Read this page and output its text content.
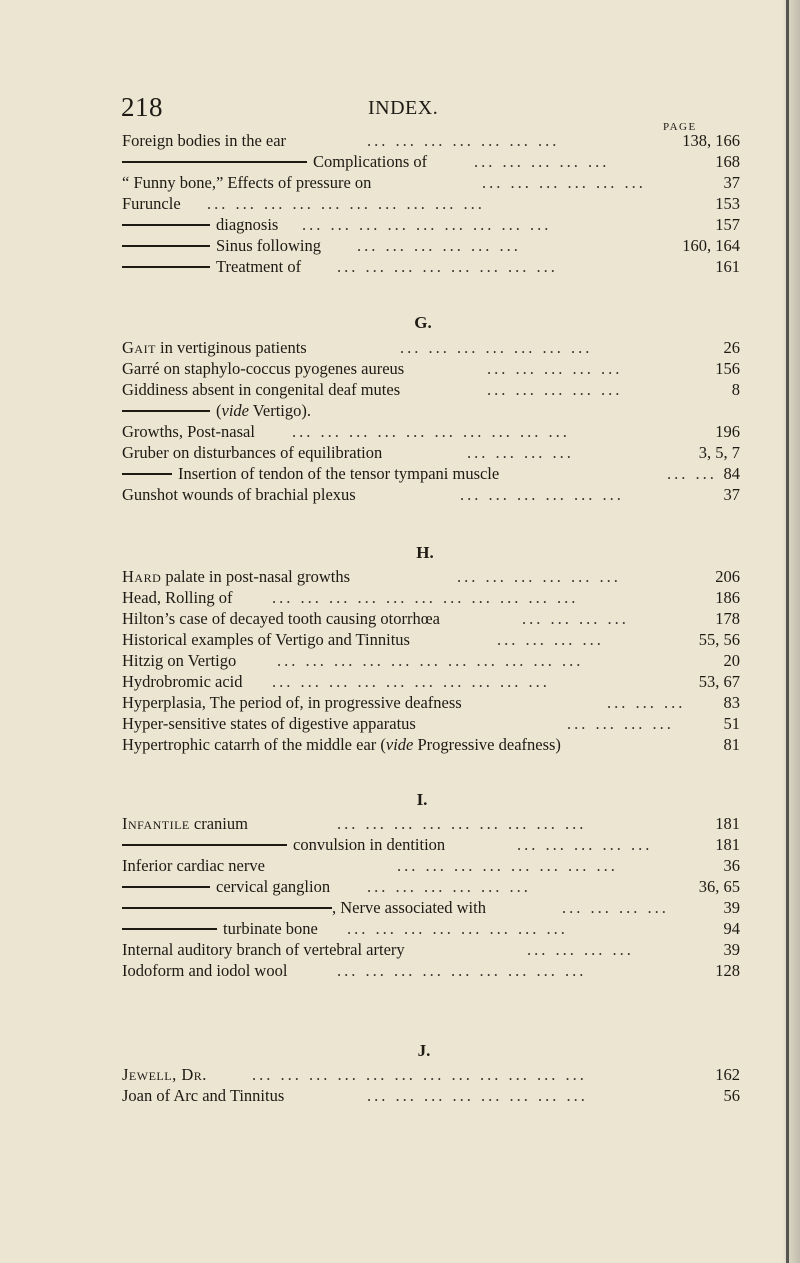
218	INDEX.
PAGE
Foreign bodies in the ear	... ... ... ... ... ... ...	138, 166
Complications of	... ... ... ... ...	168
“ Funny bone,” Effects of pressure on	... ... ... ... ... ...	37
Furuncle ... ... ... ... ... ... ... ... ... ...	153
diagnosis ... ... ... ... ... ... ... ... ...	157
Sinus following ... ... ... ... ... ...	160, 164
Treatment of ... ... ... ... ... ... ... ...	161
G.
Gait in vertiginous patients	... ... ... ... ... ... ...	26
Garré on staphylo-coccus pyogenes aureus	... ... ... ... ...	156
Giddiness absent in congenital deaf mutes	... ... ... ... ...	8
(vide Vertigo).
Growths, Post-nasal ... ... ... ... ... ... ... ... ... ...	196
Gruber on disturbances of equilibration	... ... ... ...	3, 5, 7
Insertion of tendon of the tensor tympani muscle	... ... 84
Gunshot wounds of brachial plexus	... ... ... ... ... ...	37
H.
Hard palate in post-nasal growths	... ... ... ... ... ...	206
Head, Rolling of ... ... ... ... ... ... ... ... ... ... ...	186
Hilton’s case of decayed tooth causing otorrhœa	... ... ... ...	178
Historical examples of Vertigo and Tinnitus	... ... ... ...	55, 56
Hitzig on Vertigo ... ... ... ... ... ... ... ... ... ... ...	20
Hydrobromic acid ... ... ... ... ... ... ... ... ... ...	53, 67
Hyperplasia, The period of, in progressive deafness	... ... ... 83
Hyper-sensitive states of digestive apparatus	... ... ... ...	51
Hypertrophic catarrh of the middle ear (vide Progressive deafness)	81
I.
Infantile cranium	... ... ... ... ... ... ... ... ...	181
convulsion in dentition	... ... ... ... ...	181
Inferior cardiac nerve	... ... ... ... ... ... ... ...	36
cervical ganglion ... ... ... ... ... ...	36, 65
, Nerve associated with	... ... ... ...	39
turbinate bone ... ... ... ... ... ... ... ...	94
Internal auditory branch of vertebral artery	... ... ... ...	39
Iodoform and iodol wool	... ... ... ... ... ... ... ... ...	128
J.
Jewell, Dr.	... ... ... ... ... ... ... ... ... ... ... ...	162
Joan of Arc and Tinnitus	... ... ... ... ... ... ... ...	56
